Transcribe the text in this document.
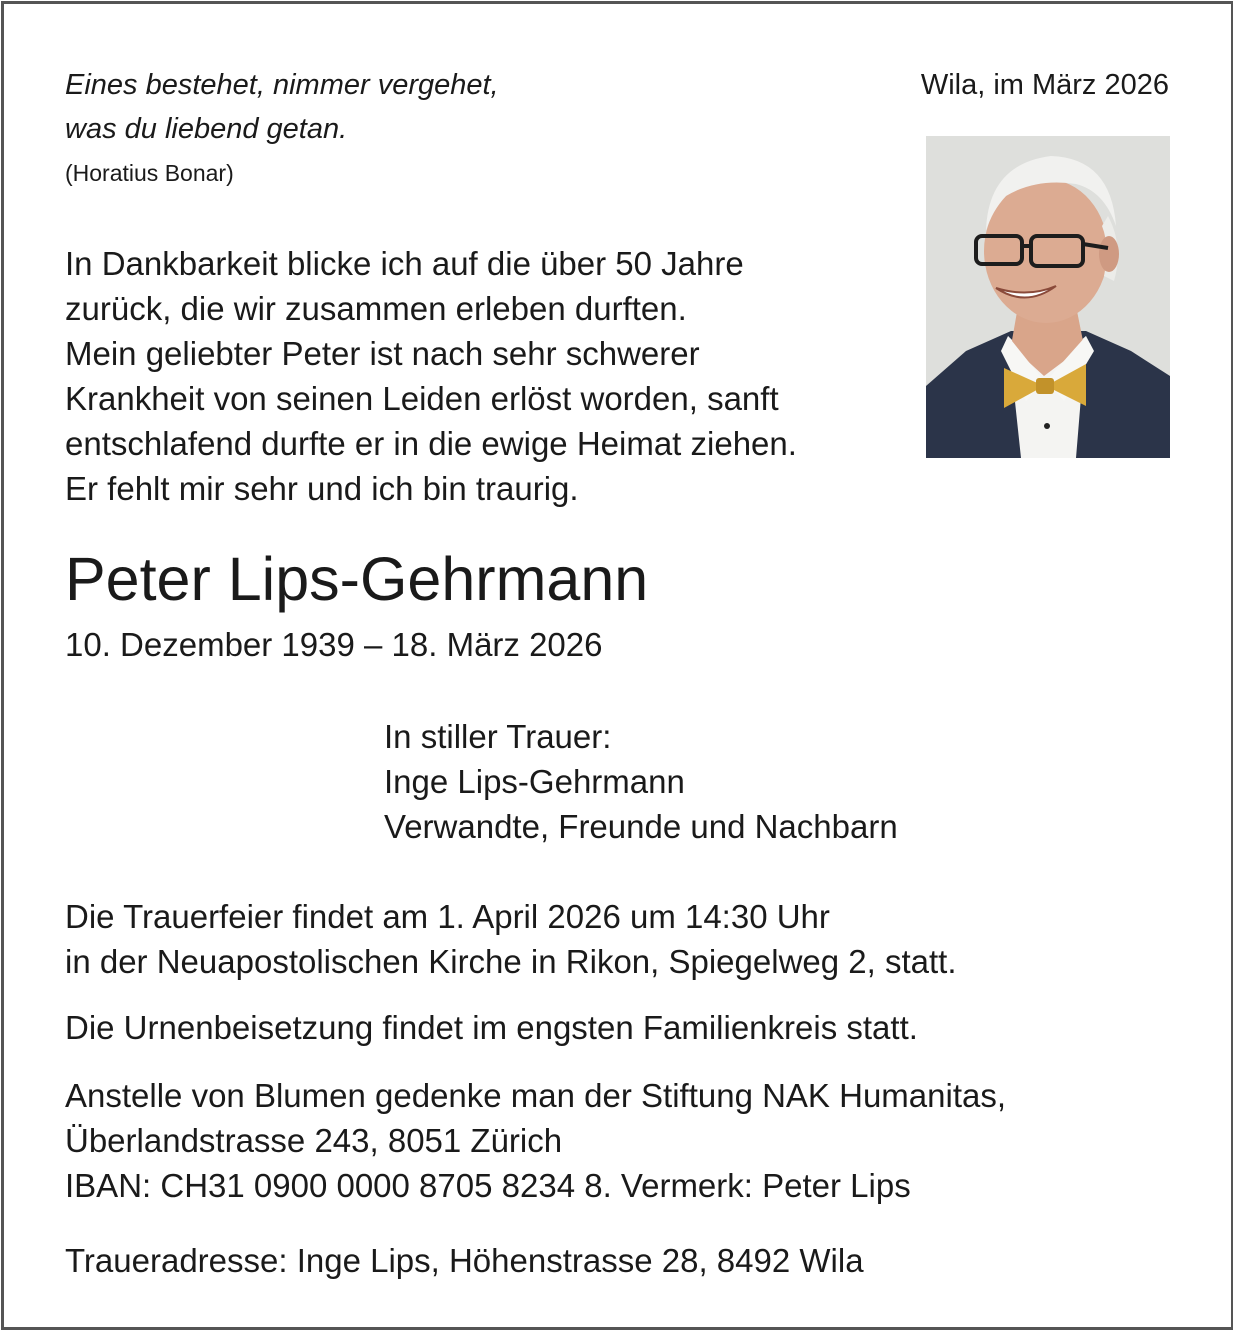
Eines bestehet, nimmer vergehet,
was du liebend getan.
(Horatius Bonar)
Wila, im März 2026
In Dankbarkeit blicke ich auf die über 50 Jahre
zurück, die wir zusammen erleben durften.
Mein geliebter Peter ist nach sehr schwerer
Krankheit von seinen Leiden erlöst worden, sanft
entschlafend durfte er in die ewige Heimat ziehen.
Er fehlt mir sehr und ich bin traurig.
Peter Lips-Gehrmann
10. Dezember 1939 – 18. März 2026
In stiller Trauer:
Inge Lips-Gehrmann
Verwandte, Freunde und Nachbarn
Die Trauerfeier findet am 1. April 2026 um 14:30 Uhr
in der Neuapostolischen Kirche in Rikon, Spiegelweg 2, statt.
Die Urnenbeisetzung findet im engsten Familienkreis statt.
Anstelle von Blumen gedenke man der Stiftung NAK Humanitas,
Überlandstrasse 243, 8051 Zürich
IBAN: CH31 0900 0000 8705 8234 8. Vermerk: Peter Lips
Traueradresse: Inge Lips, Höhenstrasse 28, 8492 Wila
